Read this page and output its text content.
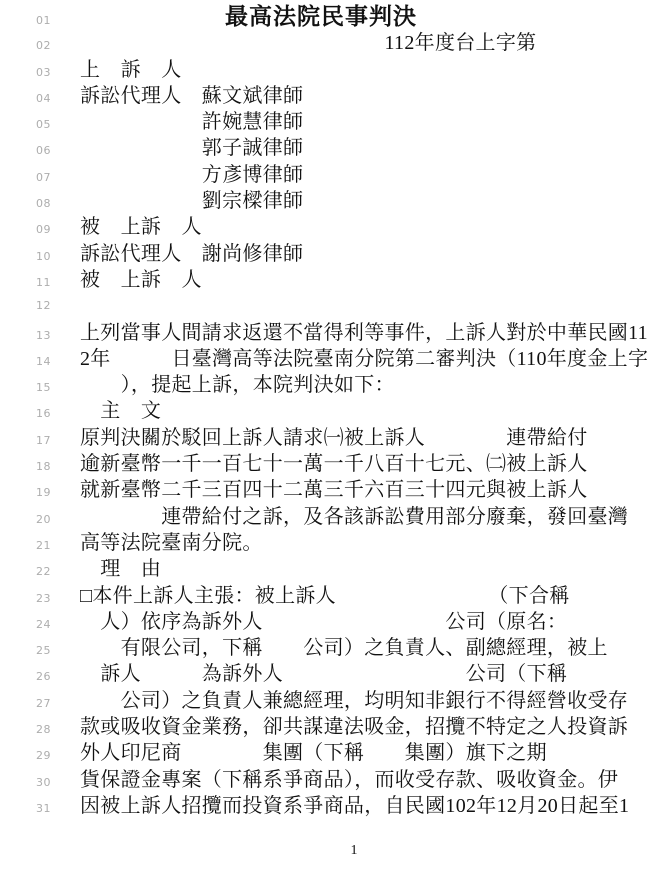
01	最高法院民事判決
02	　　　　　　　　　　　　　　　112年度台上字第
03	上　訴　人
04	訴訟代理人　蘇文斌律師
05	　　　　　　許婉慧律師
06	　　　　　　郭子誠律師
07	　　　　　　方彥博律師
08	　　　　　　劉宗樑律師
09	被　上訴　人
10	訴訟代理人　謝尚修律師
11	被　上訴　人
12
13	上列當事人間請求返還不當得利等事件，上訴人對於中華民國11
14	2年　　　日臺灣高等法院臺南分院第二審判決（110年度金上字
15	　　），提起上訴，本院判決如下：
16	　主　文
17	原判決關於駁回上訴人請求㈠被上訴人　　　　連帶給付
18	逾新臺幣一千一百七十一萬一千八百十七元、㈡被上訴人
19	就新臺幣二千三百四十二萬三千六百三十四元與被上訴人
20	　　　　連帶給付之訴，及各該訴訟費用部分廢棄，發回臺灣
21	高等法院臺南分院。
22	　理　由
23	□本件上訴人主張：被上訴人　　　　　　　　（下合稱
24	　人）依序為訴外人　　　　　　　　　公司（原名：
25	　　有限公司，下稱　　公司）之負責人、副總經理，被上
26	　訴人　　　為訴外人　　　　　　　　　公司（下稱
27	　　公司）之負責人兼總經理，均明知非銀行不得經營收受存
28	款或吸收資金業務，卻共謀違法吸金，招攬不特定之人投資訴
29	外人印尼商　　　　集團（下稱　　集團）旗下之期
30	貨保證金專案（下稱系爭商品），而收受存款、吸收資金。伊
31	因被上訴人招攬而投資系爭商品，自民國102年12月20日起至1
1
